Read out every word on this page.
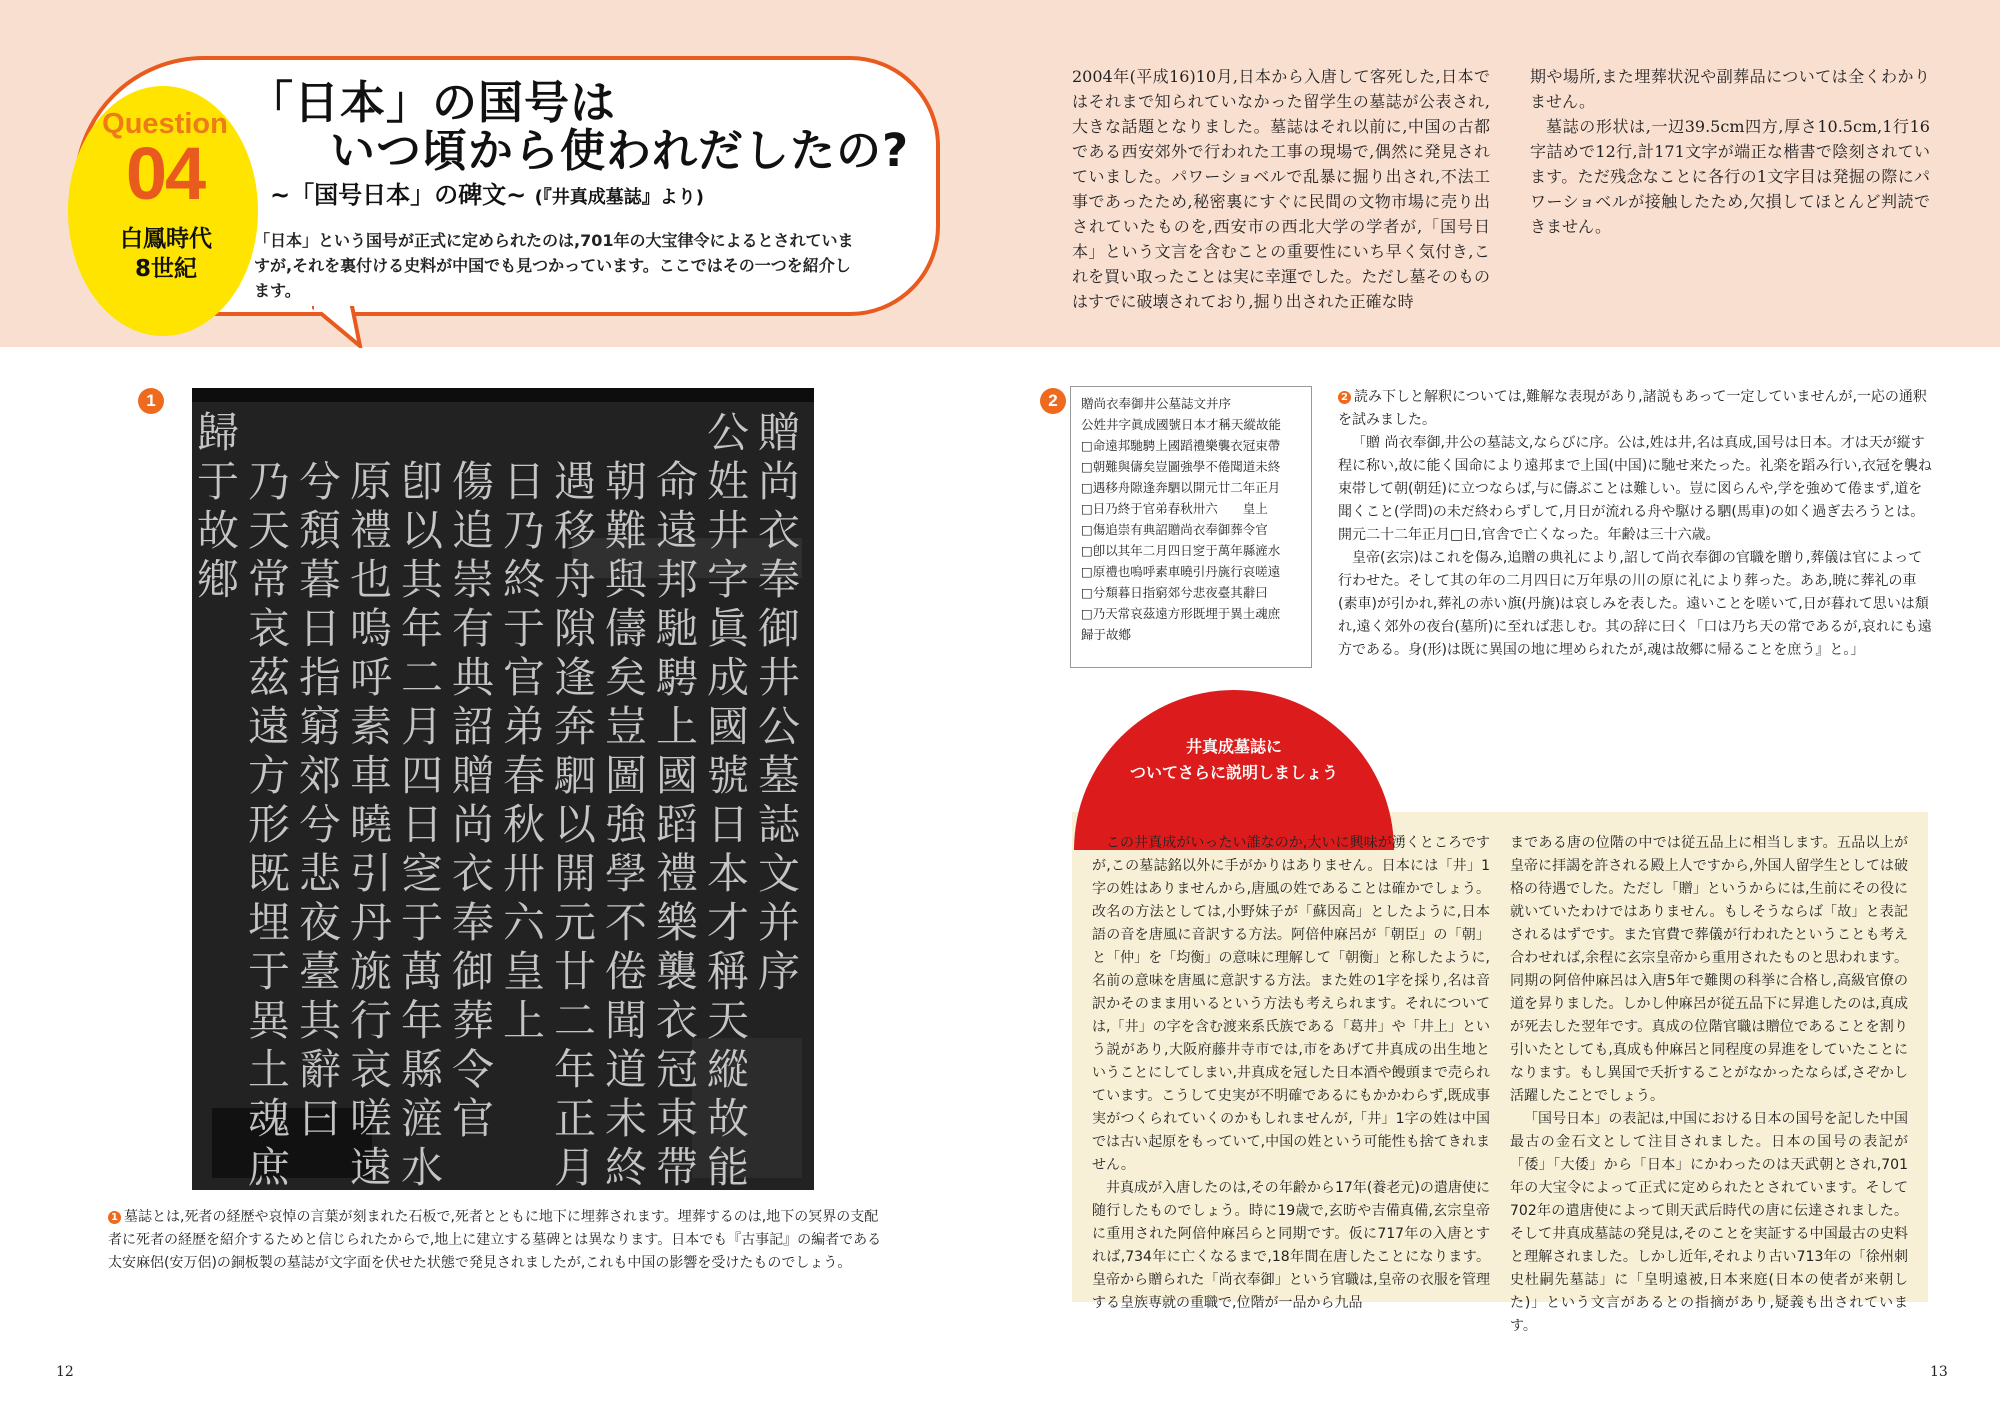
Question
04
白鳳時代
8世紀
「日本」の国号は
いつ頃から使われだしたの?
~「国号日本」の碑文~ (『井真成墓誌』より)
「日本」という国号が正式に定められたのは,701年の大宝律令によるとされていますが,それを裏付ける史料が中国でも見つかっています。ここではその一つを紹介します。
2004年(平成16)10月,日本から入唐して客死した,日本ではそれまで知られていなかった留学生の墓誌が公表され,大きな話題となりました。墓誌はそれ以前に,中国の古都である西安郊外で行われた工事の現場で,偶然に発見されていました。パワーショベルで乱暴に掘り出され,不法工事であったため,秘密裏にすぐに民間の文物市場に売り出されていたものを,西安市の西北大学の学者が,「国号日本」という文言を含むことの重要性にいち早く気付き,これを買い取ったことは実に幸運でした。ただし墓そのものはすでに破壊されており,掘り出された正確な時
期や場所,また埋葬状況や副葬品については全くわかりません。
墓誌の形状は,一辺39.5cm四方,厚さ10.5cm,1行16字詰めで12行,計171文字が端正な楷書で陰刻されています。ただ残念なことに各行の1文字目は発掘の際にパワーショベルが接触したため,欠損してほとんど判読できません。
1
贈
尚
衣
奉
御
井
公
墓
誌
文
并
序
公
姓
井
字
眞
成
國
號
日
本
才
稱
天
縱
故
能
命
遠
邦
馳
騁
上
國
蹈
禮
樂
襲
衣
冠
束
帶
朝
難
與
儔
矣
豈
圖
強
學
不
倦
聞
道
未
終
遇
移
舟
隙
逢
奔
駟
以
開
元
廿
二
年
正
月
日
乃
終
于
官
弟
春
秋
卅
六
皇
上
傷
追
崇
有
典
詔
贈
尚
衣
奉
御
葬
令
官
卽
以
其
年
二
月
四
日
窆
于
萬
年
縣
滻
水
原
禮
也
嗚
呼
素
車
曉
引
丹
旐
行
哀
嗟
遠
兮
頽
暮
日
指
窮
郊
兮
悲
夜
臺
其
辭
曰
乃
天
常
哀
茲
遠
方
形
既
埋
于
異
土
魂
庶
歸
于
故
鄕
1 墓誌とは,死者の経歴や哀悼の言葉が刻まれた石板で,死者とともに地下に埋葬されます。埋葬するのは,地下の冥界の支配者に死者の経歴を紹介するためと信じられたからで,地上に建立する墓碑とは異なります。日本でも『古事記』の編者である太安麻侶(安万侶)の銅板製の墓誌が文字面を伏せた状態で発見されましたが,これも中国の影響を受けたものでしょう。
2	贈尚衣奉御井公墓誌文并序
公姓井字眞成國號日本才稱天縱故能
□命遠邦馳騁上國蹈禮樂襲衣冠束帶
□朝難與儔矣豈圖強學不倦聞道未終
□遇移舟隙逢奔駟以開元廿二年正月
□日乃終于官弟春秋卅六　　皇上
□傷追崇有典詔贈尚衣奉御葬令官
□卽以其年二月四日窆于萬年縣滻水
□原禮也嗚呼素車曉引丹旐行哀嗟遠
□兮頽暮日指窮郊兮悲夜臺其辭曰
□乃天常哀茲遠方形既埋于異土魂庶
歸于故鄕

2 読み下しと解釈については,難解な表現があり,諸説もあって一定していませんが,一応の通釈を試みました。

「贈 尚衣奉御,井公の墓誌文,ならびに序。公は,姓は井,名は真成,国号は日本。才は天が縦す程に称い,故に能く国命により遠邦まで上国(中国)に馳せ来たった。礼楽を蹈み行い,衣冠を襲ね束帯して朝(朝廷)に立つならば,与に儔ぶことは難しい。豈に図らんや,学を強めて倦まず,道を聞くこと(学問)の未だ終わらずして,月日が流れる舟や駆ける駟(馬車)の如く過ぎ去ろうとは。開元二十二年正月□日,官舎で亡くなった。年齢は三十六歳。

皇帝(玄宗)はこれを傷み,追贈の典礼により,詔して尚衣奉御の官職を贈り,葬儀は官によって行わせた。そして其の年の二月四日に万年県の川の原に礼により葬った。ああ,暁に葬礼の車(素車)が引かれ,葬礼の赤い旗(丹旐)は哀しみを表した。遠いことを嗟いて,日が暮れて思いは頽れ,遠く郊外の夜台(墓所)に至れば悲しむ。其の辞に曰く「口は乃ち天の常であるが,哀れにも遠方である。身(形)は既に異国の地に埋められたが,魂は故郷に帰ることを庶う』と。」

井真成墓誌に
ついてさらに説明しましょう

この井真成がいったい誰なのか,大いに興味が湧くところですが,この墓誌銘以外に手がかりはありません。日本には「井」1字の姓はありませんから,唐風の姓であることは確かでしょう。改名の方法としては,小野妹子が「蘇因高」としたように,日本語の音を唐風に音訳する方法。阿倍仲麻呂が「朝臣」の「朝」と「仲」を「均衡」の意味に理解して「朝衡」と称したように,名前の意味を唐風に意訳する方法。また姓の1字を採り,名は音訳かそのまま用いるという方法も考えられます。それについては,「井」の字を含む渡来系氏族である「葛井」や「井上」という説があり,大阪府藤井寺市では,市をあげて井真成の出生地ということにしてしまい,井真成を冠した日本酒や饅頭まで売られています。こうして史実が不明確であるにもかかわらず,既成事実がつくられていくのかもしれませんが,「井」1字の姓は中国では古い起原をもっていて,中国の姓という可能性も捨てきれません。

井真成が入唐したのは,その年齢から17年(養老元)の遣唐使に随行したものでしょう。時に19歳で,玄昉や吉備真備,玄宗皇帝に重用された阿倍仲麻呂らと同期です。仮に717年の入唐とすれば,734年に亡くなるまで,18年間在唐したことになります。皇帝から贈られた「尚衣奉御」という官職は,皇帝の衣服を管理する皇族専就の重職で,位階が一品から九品

まである唐の位階の中では従五品上に相当します。五品以上が皇帝に拝謁を許される殿上人ですから,外国人留学生としては破格の待遇でした。ただし「贈」というからには,生前にその役に就いていたわけではありません。もしそうならば「故」と表記されるはずです。また官費で葬儀が行われたということも考え合わせれば,余程に玄宗皇帝から重用されたものと思われます。同期の阿倍仲麻呂は入唐5年で難関の科挙に合格し,高級官僚の道を昇りました。しかし仲麻呂が従五品下に昇進したのは,真成が死去した翌年です。真成の位階官職は贈位であることを割り引いたとしても,真成も仲麻呂と同程度の昇進をしていたことになります。もし異国で夭折することがなかったならば,さぞかし活躍したことでしょう。

「国号日本」の表記は,中国における日本の国号を記した中国最古の金石文として注目されました。日本の国号の表記が「倭」「大倭」から「日本」にかわったのは天武朝とされ,701年の大宝令によって正式に定められたとされています。そして702年の遣唐使によって則天武后時代の唐に伝達されました。そして井真成墓誌の発見は,そのことを実証する中国最古の史料と理解されました。しかし近年,それより古い713年の「徐州刺史杜嗣先墓誌」に「皇明遠被,日本来庭(日本の使者が来朝した)」という文言があるとの指摘があり,疑義も出されています。

12	13
